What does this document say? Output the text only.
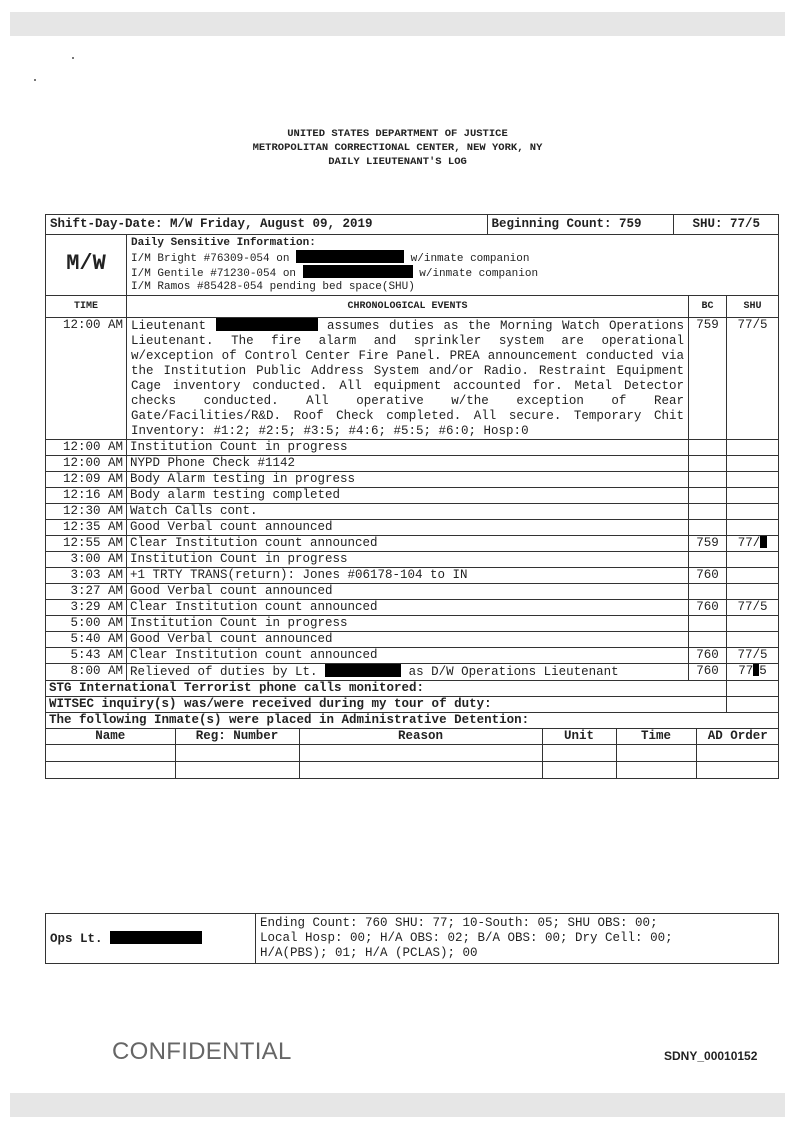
UNITED STATES DEPARTMENT OF JUSTICE
METROPOLITAN CORRECTIONAL CENTER, NEW YORK, NY
DAILY LIEUTENANT'S LOG
Shift-Day-Date: M/W Friday, August 09, 2019	Beginning Count: 759	SHU: 77/5

M/W	
Daily Sensitive Information:
I/M Bright #76309-054 on	w/inmate companion
I/M Gentile #71230-054 on	w/inmate companion
I/M Ramos #85428-054 pending bed space(SHU)

TIME	CHRONOLOGICAL EVENTS	BC	SHU
12:00 AM	Lieutenant	assumes duties as the Morning Watch Operations Lieutenant. The fire alarm and sprinkler system are operational w/exception of Control Center Fire Panel. PREA announcement conducted via the Institution Public Address System and/or Radio. Restraint Equipment Cage inventory conducted. All equipment accounted for. Metal Detector checks conducted. All operative w/the exception of Rear Gate/Facilities/R&D. Roof Check completed. All secure. Temporary Chit Inventory: #1:2; #2:5; #3:5; #4:6; #5:5; #6:0; Hosp:0	759	77/5
12:00 AM	Institution Count in progress		
12:00 AM	NYPD Phone Check #1142		
12:09 AM	Body Alarm testing in progress		
12:16 AM	Body alarm testing completed		
12:30 AM	Watch Calls cont.		
12:35 AM	Good Verbal count announced		
12:55 AM	Clear Institution count announced	759	77/
3:00 AM	Institution Count in progress		
3:03 AM	+1 TRTY TRANS(return): Jones #06178-104 to IN	760	
3:27 AM	Good Verbal count announced		
3:29 AM	Clear Institution count announced	760	77/5
5:00 AM	Institution Count in progress		
5:40 AM	Good Verbal count announced		
5:43 AM	Clear Institution count announced	760	77/5
8:00 AM	Relieved of duties by Lt.	as D/W Operations Lieutenant	760	77 5
STG International Terrorist phone calls monitored:	
WITSEC inquiry(s) was/were received during my tour of duty:	
The following Inmate(s) were placed in Administrative Detention:

Name	Reg: Number	Reason	Unit	Time	AD Order

Ops Lt.	
Ending Count: 760 SHU: 77; 10-South: 05; SHU OBS: 00;
Local Hosp: 00; H/A OBS: 02; B/A OBS: 00; Dry Cell: 00;
H/A(PBS); 01; H/A (PCLAS); 00
CONFIDENTIAL	SDNY_00010152
